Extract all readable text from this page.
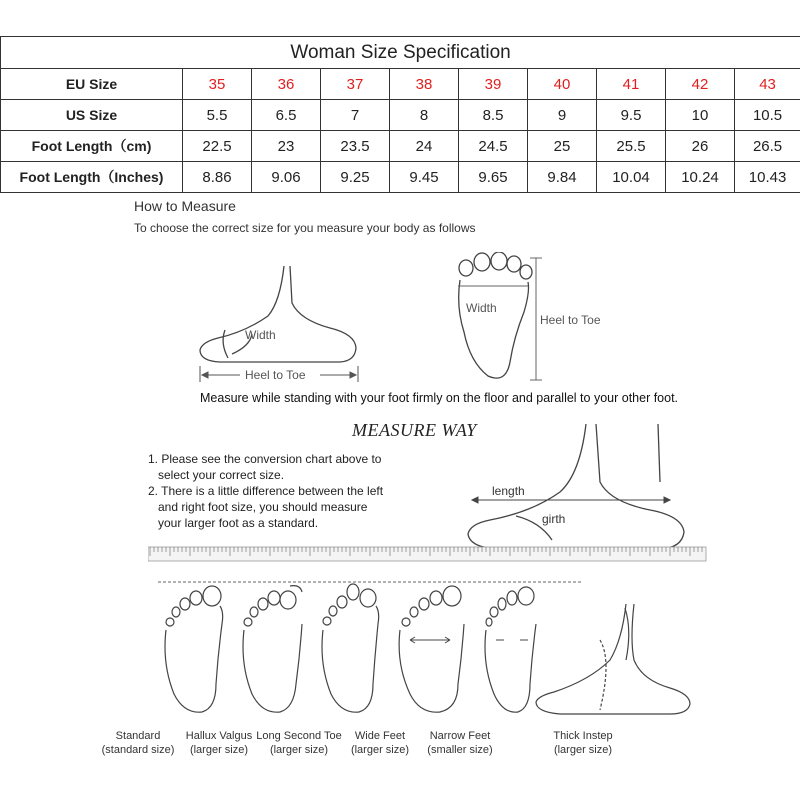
Woman Size Specification									
EU Size	35	36	37	38	39	40	41	42	43
US Size	5.5	6.5	7	8	8.5	9	9.5	10	10.5
Foot Length（cm)	22.5	23	23.5	24	24.5	25	25.5	26	26.5
Foot Length（Inches)	8.86	9.06	9.25	9.45	9.65	9.84	10.04	10.24	10.43
How to Measure
To choose the correct size for you measure your body as follows
Width
Heel to Toe
Width
Heel to Toe
Measure while standing with your foot firmly on the floor and parallel to your other foot.
MEASURE WAY
1. Please see the conversion chart above to
select your correct size.
2. There is a little difference between the left
and right foot size, you should measure
your larger foot as a standard.
length
girth
Standard
(standard size)
Hallux Valgus
(larger size)
Long Second Toe
(larger size)
Wide Feet
(larger size)
Narrow Feet
(smaller size)
Thick Instep
(larger size)
